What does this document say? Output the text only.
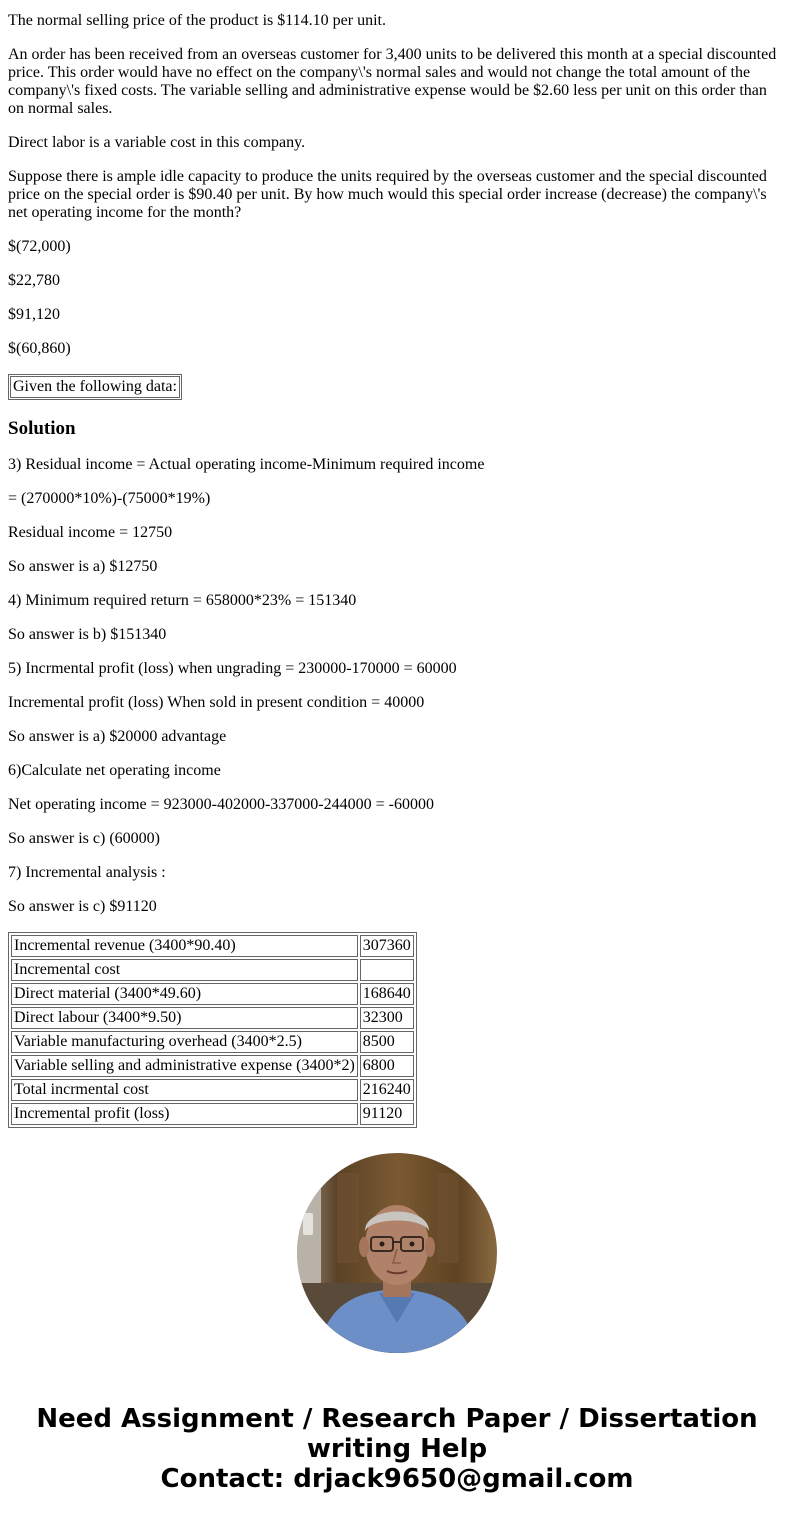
The normal selling price of the product is $114.10 per unit.

An order has been received from an overseas customer for 3,400 units to be delivered this month at a special discounted price. This order would have no effect on the company\'s normal sales and would not change the total amount of the company\'s fixed costs. The variable selling and administrative expense would be $2.60 less per unit on this order than on normal sales.

Direct labor is a variable cost in this company.

Suppose there is ample idle capacity to produce the units required by the overseas customer and the special discounted price on the special order is $90.40 per unit. By how much would this special order increase (decrease) the company\'s net operating income for the month?

$(72,000)

$22,780

$91,120

$(60,860)

Given the following data:
Solution

3) Residual income = Actual operating income-Minimum required income

= (270000*10%)-(75000*19%)

Residual income = 12750

So answer is a) $12750

4) Minimum required return = 658000*23% = 151340

So answer is b) $151340

5) Incrmental profit (loss) when ungrading = 230000-170000 = 60000

Incremental profit (loss) When sold in present condition = 40000

So answer is a) $20000 advantage

6)Calculate net operating income

Net operating income = 923000-402000-337000-244000 = -60000

So answer is c) (60000)

7) Incremental analysis :

So answer is c) $91120

Incremental revenue (3400*90.40)	307360
Incremental cost	
Direct material (3400*49.60)	168640
Direct labour (3400*9.50)	32300
Variable manufacturing overhead (3400*2.5)	8500
Variable selling and administrative expense (3400*2)	6800
Total incrmental cost	216240
Incremental profit (loss)	91120
Need Assignment / Research Paper / Dissertation
writing Help
Contact: drjack9650@gmail.com
